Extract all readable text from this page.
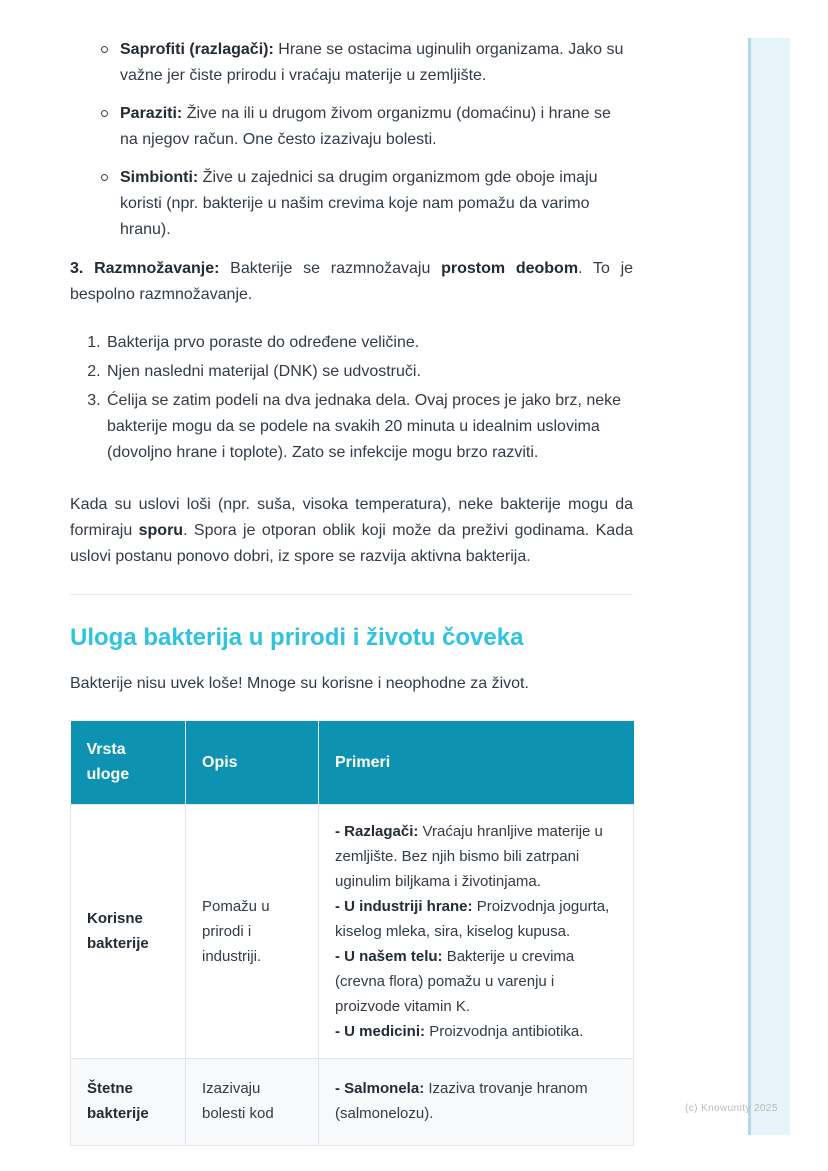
(c) Knowunity 2025
Saprofiti (razlagači): Hrane se ostacima uginulih organizama. Jako su važne jer čiste prirodu i vraćaju materije u zemljište.
Paraziti: Žive na ili u drugom živom organizmu (domaćinu) i hrane se na njegov račun. One često izazivaju bolesti.
Simbionti: Žive u zajednici sa drugim organizmom gde oboje imaju koristi (npr. bakterije u našim crevima koje nam pomažu da varimo hranu).

3. Razmnožavanje: Bakterije se razmnožavaju prostom deobom. To je bespolno razmnožavanje.

1. Bakterija prvo poraste do određene veličine.
2. Njen nasledni materijal (DNK) se udvostruči.
3. Ćelija se zatim podeli na dva jednaka dela. Ovaj proces je jako brz, neke bakterije mogu da se podele na svakih 20 minuta u idealnim uslovima (dovoljno hrane i toplote). Zato se infekcije mogu brzo razviti.

Kada su uslovi loši (npr. suša, visoka temperatura), neke bakterije mogu da formiraju sporu. Spora je otporan oblik koji može da preživi godinama. Kada uslovi postanu ponovo dobri, iz spore se razvija aktivna bakterija.

Uloga bakterija u prirodi i životu čoveka

Bakterije nisu uvek loše! Mnoge su korisne i neophodne za život.

Vrsta uloge	Opis	Primeri
Korisne bakterije	Pomažu u prirodi i industriji.	- Razlagači: Vraćaju hranljive materije u zemljište. Bez njih bismo bili zatrpani uginulim biljkama i životinjama.
- U industriji hrane: Proizvodnja jogurta, kiselog mleka, sira, kiselog kupusa.
- U našem telu: Bakterije u crevima (crevna flora) pomažu u varenju i proizvode vitamin K.
- U medicini: Proizvodnja antibiotika.

Štetne bakterije	Izazivaju bolesti kod	- Salmonela: Izaziva trovanje hranom (salmonelozu).
